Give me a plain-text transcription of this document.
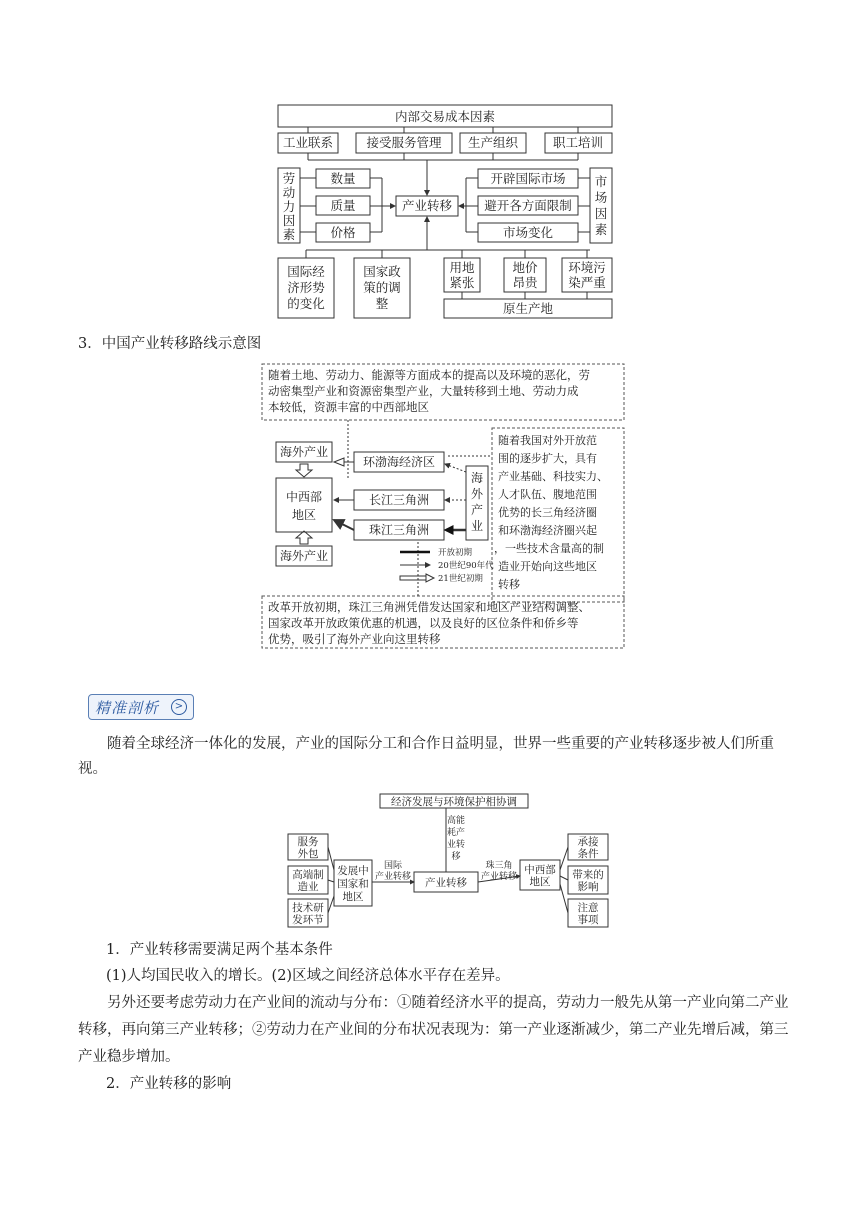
内部交易成本因素
工业联系	接受服务管理 生产组织	职工培训
劳
动
力
因
素
数量
质量
价格
产业转移
开辟国际市场
避开各方面限制
市场变化
市
场
因
素
国际经
济形势
的变化
国家政
策的调
整
用地
紧张
地价
昂贵
环境污
染严重
原生产地
3．中国产业转移路线示意图
随着土地、劳动力、能源等方面成本的提高以及环境的恶化，劳
动密集型产业和资源密集型产业，大量转移到土地、劳动力成
本较低，资源丰富的中西部地区
海外产业
中西部
地区
海外产业
环渤海经济区
长江三角洲
珠江三角洲
海
外
产
业
随着我国对外开放范
围的逐步扩大，具有
产业基础、科技实力、
人才队伍、腹地范围
优势的长三角经济圈
和环渤海经济圈兴起
，一些技术含量高的制
造业开始向这些地区
转移
开放初期
20世纪90年代
21世纪初期
改革开放初期，珠江三角洲凭借发达国家和地区产业结构调整、
国家改革开放政策优惠的机遇，以及良好的区位条件和侨乡等
优势，吸引了海外产业向这里转移
精准剖析	>

随着全球经济一体化的发展，产业的国际分工和合作日益明显，世界一些重要的产业转移逐步被人们所重视。

经济发展与环境保护相协调
高能
耗产
业转
移
服务
外包
高端制
造业
技术研
发环节
发展中
国家和
地区
国际
产业转移 产业转移
珠三角
产业转移
中西部
地区
承接
条件
带来的
影响
注意
事项
1．产业转移需要满足两个基本条件
(1)人均国民收入的增长。(2)区域之间经济总体水平存在差异。

另外还要考虑劳动力在产业间的流动与分布：①随着经济水平的提高，劳动力一般先从第一产业向第二产业转移，再向第三产业转移；②劳动力在产业间的分布状况表现为：第一产业逐渐减少，第二产业先增后减，第三产业稳步增加。

2．产业转移的影响
